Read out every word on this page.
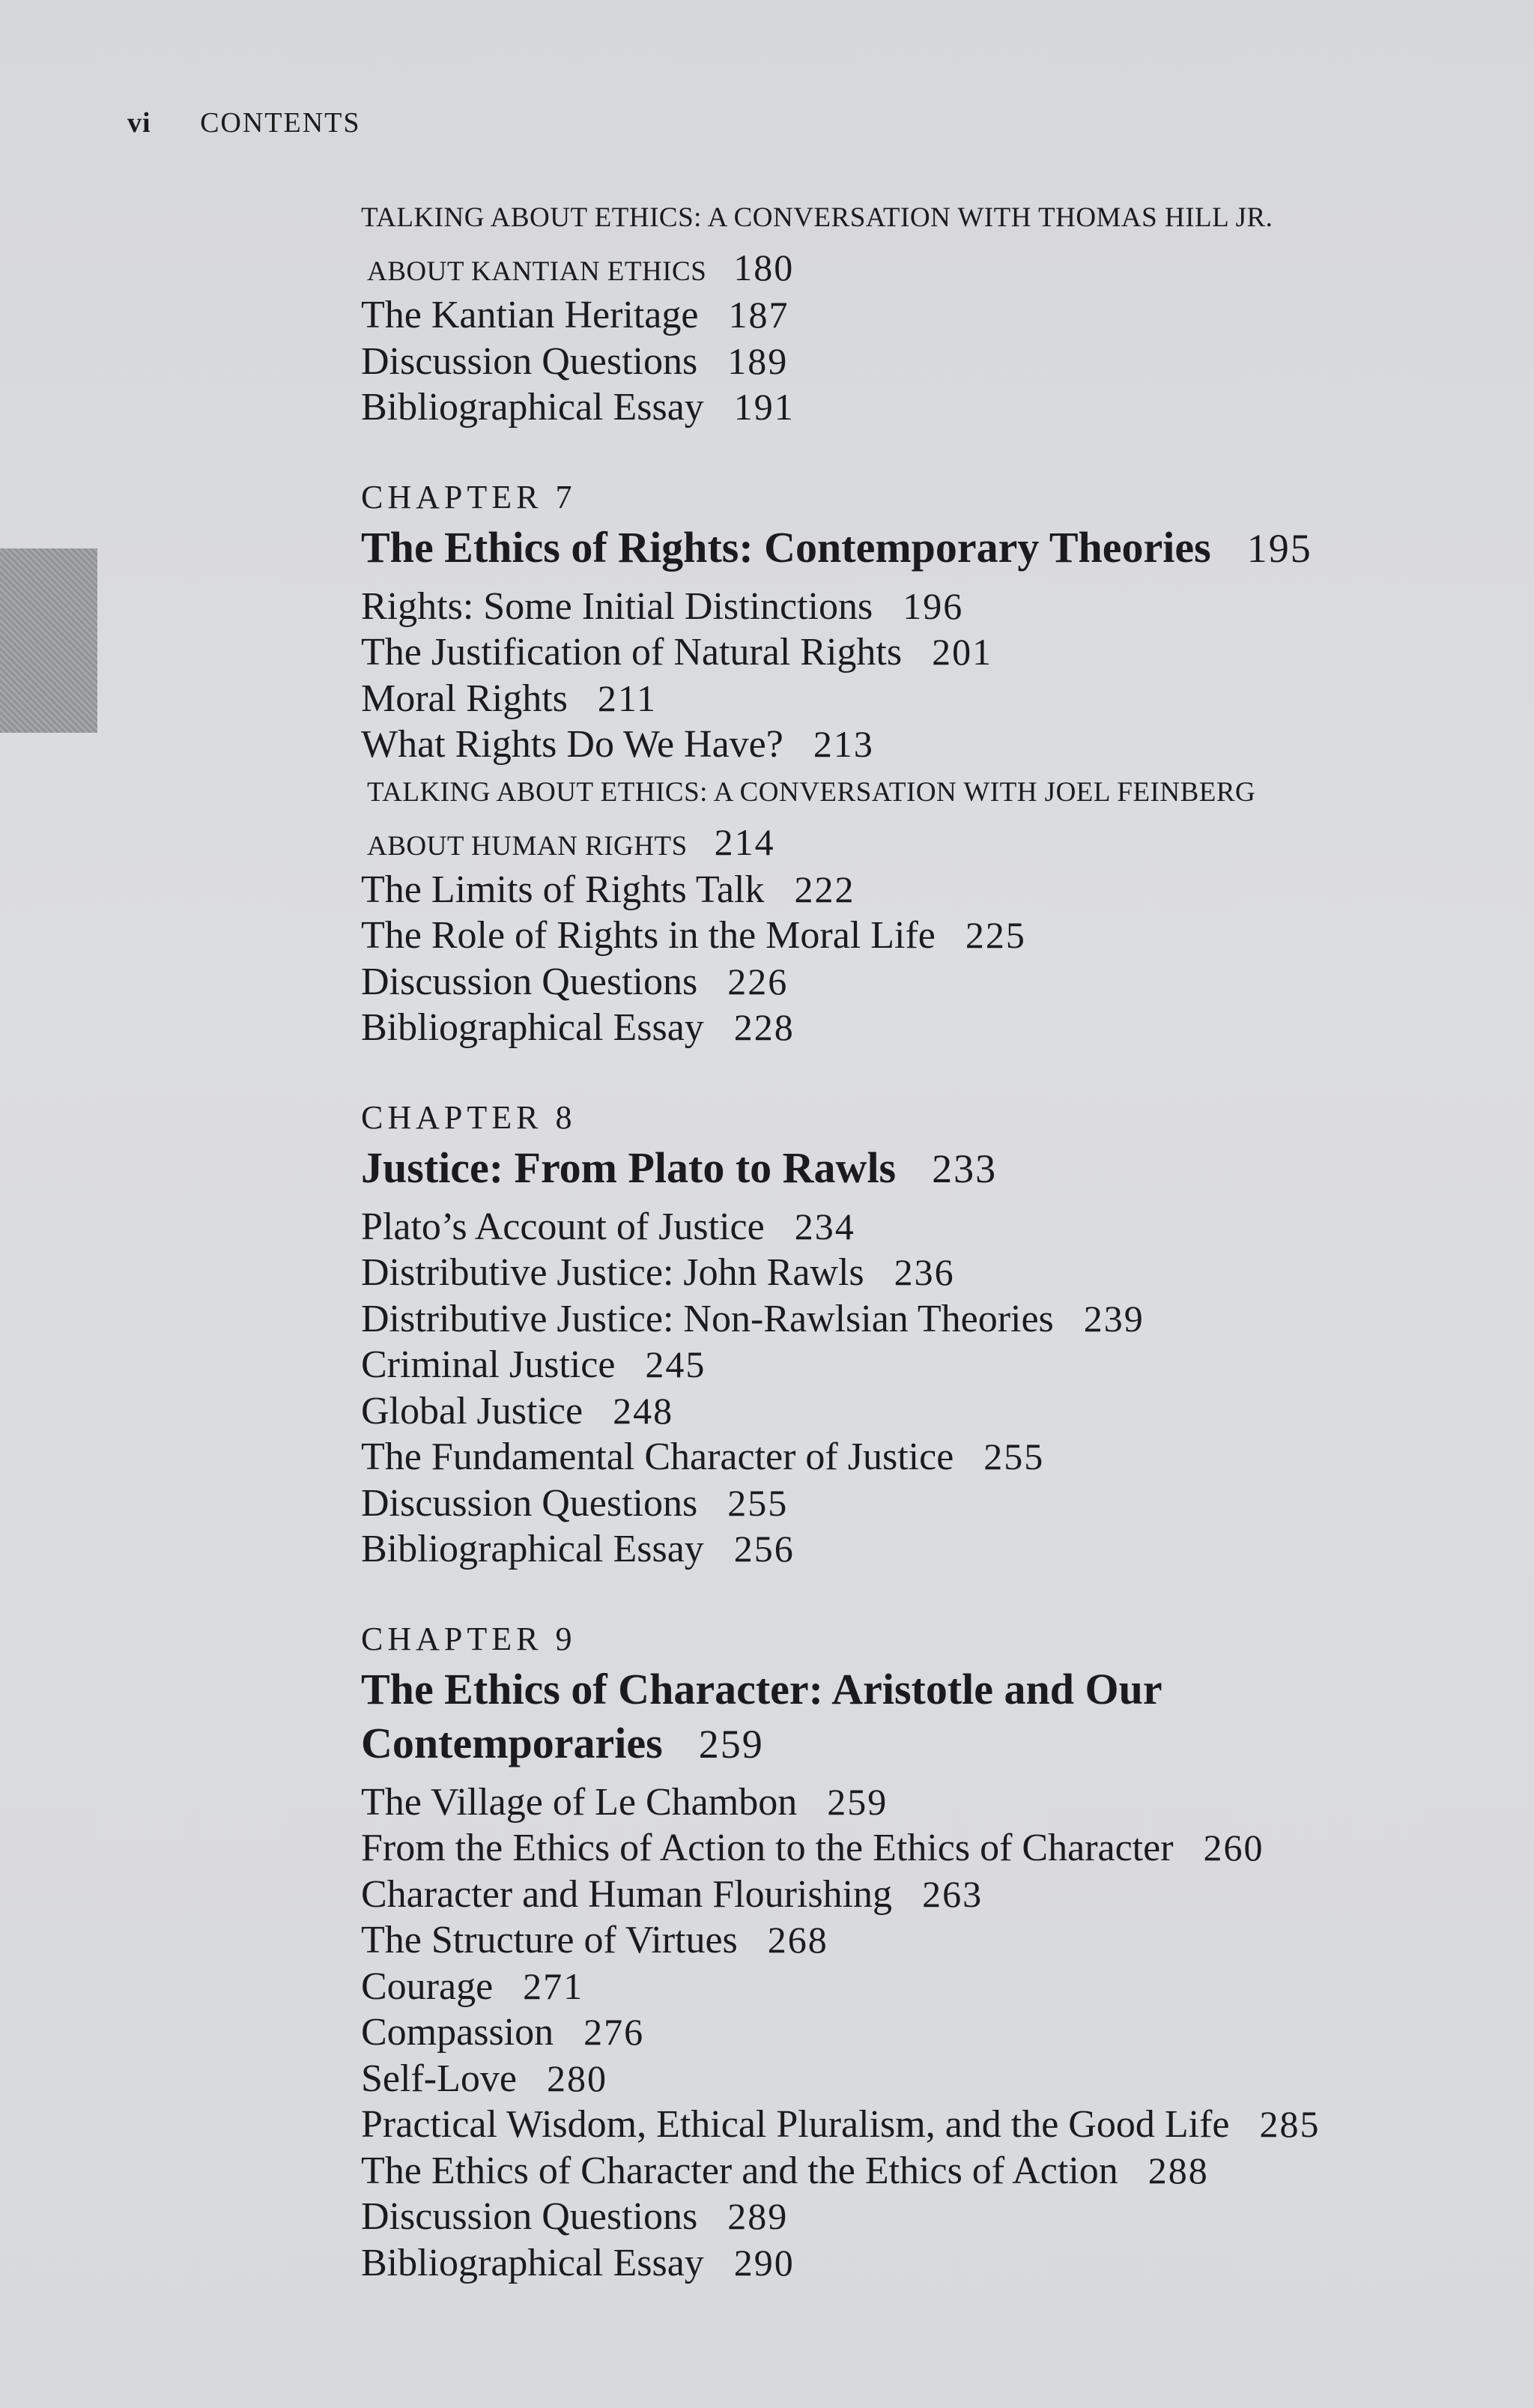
vi CONTENTS
TALKING ABOUT ETHICS: A CONVERSATION WITH THOMAS HILL JR.
ABOUT KANTIAN ETHICS 180
The Kantian Heritage 187
Discussion Questions 189
Bibliographical Essay 191
CHAPTER 7
The Ethics of Rights: Contemporary Theories 195
Rights: Some Initial Distinctions 196
The Justification of Natural Rights 201
Moral Rights 211
What Rights Do We Have? 213
TALKING ABOUT ETHICS: A CONVERSATION WITH JOEL FEINBERG
ABOUT HUMAN RIGHTS 214
The Limits of Rights Talk 222
The Role of Rights in the Moral Life 225
Discussion Questions 226
Bibliographical Essay 228
CHAPTER 8
Justice: From Plato to Rawls 233
Plato’s Account of Justice 234
Distributive Justice: John Rawls 236
Distributive Justice: Non-Rawlsian Theories 239
Criminal Justice 245
Global Justice 248
The Fundamental Character of Justice 255
Discussion Questions 255
Bibliographical Essay 256
CHAPTER 9
The Ethics of Character: Aristotle and Our
Contemporaries 259
The Village of Le Chambon 259
From the Ethics of Action to the Ethics of Character 260
Character and Human Flourishing 263
The Structure of Virtues 268
Courage 271
Compassion 276
Self-Love 280
Practical Wisdom, Ethical Pluralism, and the Good Life 285
The Ethics of Character and the Ethics of Action 288
Discussion Questions 289
Bibliographical Essay 290
